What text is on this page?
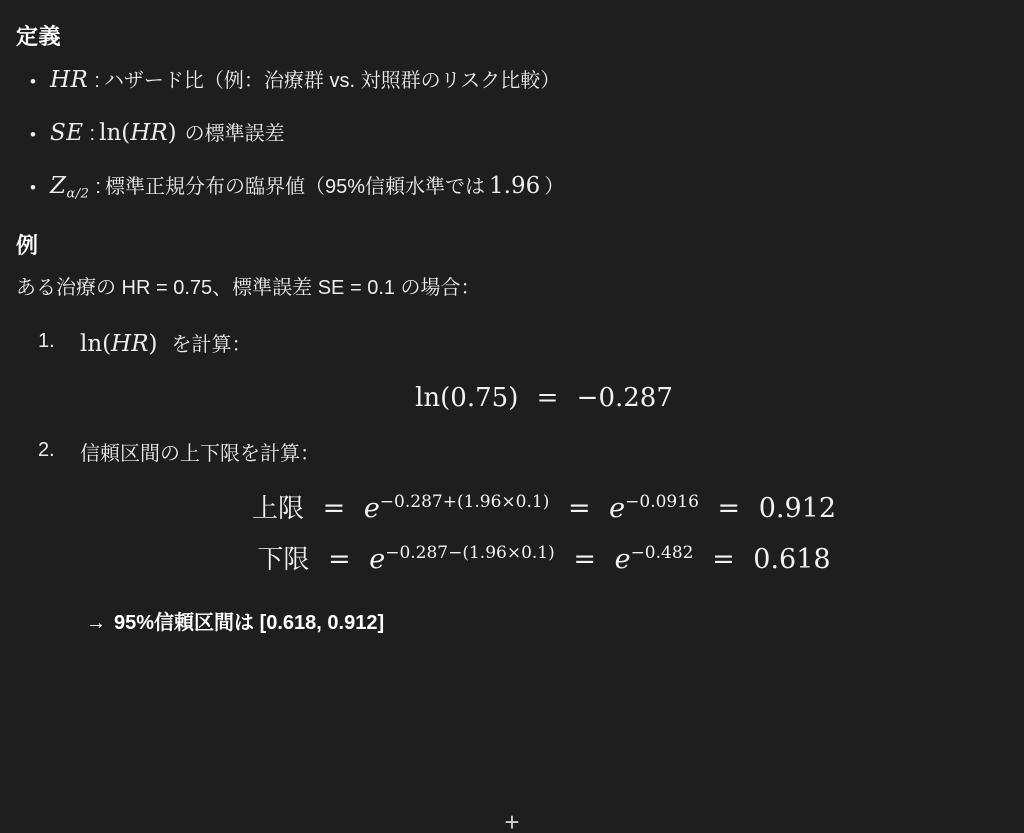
定義
• HR : ハザード比（例：治療群 vs. 対照群のリスク比較）
• SE : ln(HR) の標準誤差
• $Z_{\alpha/2}$ : 標準正規分布の臨界値（95%信頼水準では 1.96 ）
例

ある治療の HR = 0.75、標準誤差 SE = 0.1 の場合：

ln(HR) を計算：
ln(0.75) = −0.287
信頼区間の上下限を計算：
上限 = $e^{-0.287+(1.96\times 0.1)} = e^{-0.0916} = 0.912$
下限 = $e^{-0.287-(1.96\times 0.1)} = e^{-0.482} = 0.618$
→ 95%信頼区間は [0.618, 0.912]
+
